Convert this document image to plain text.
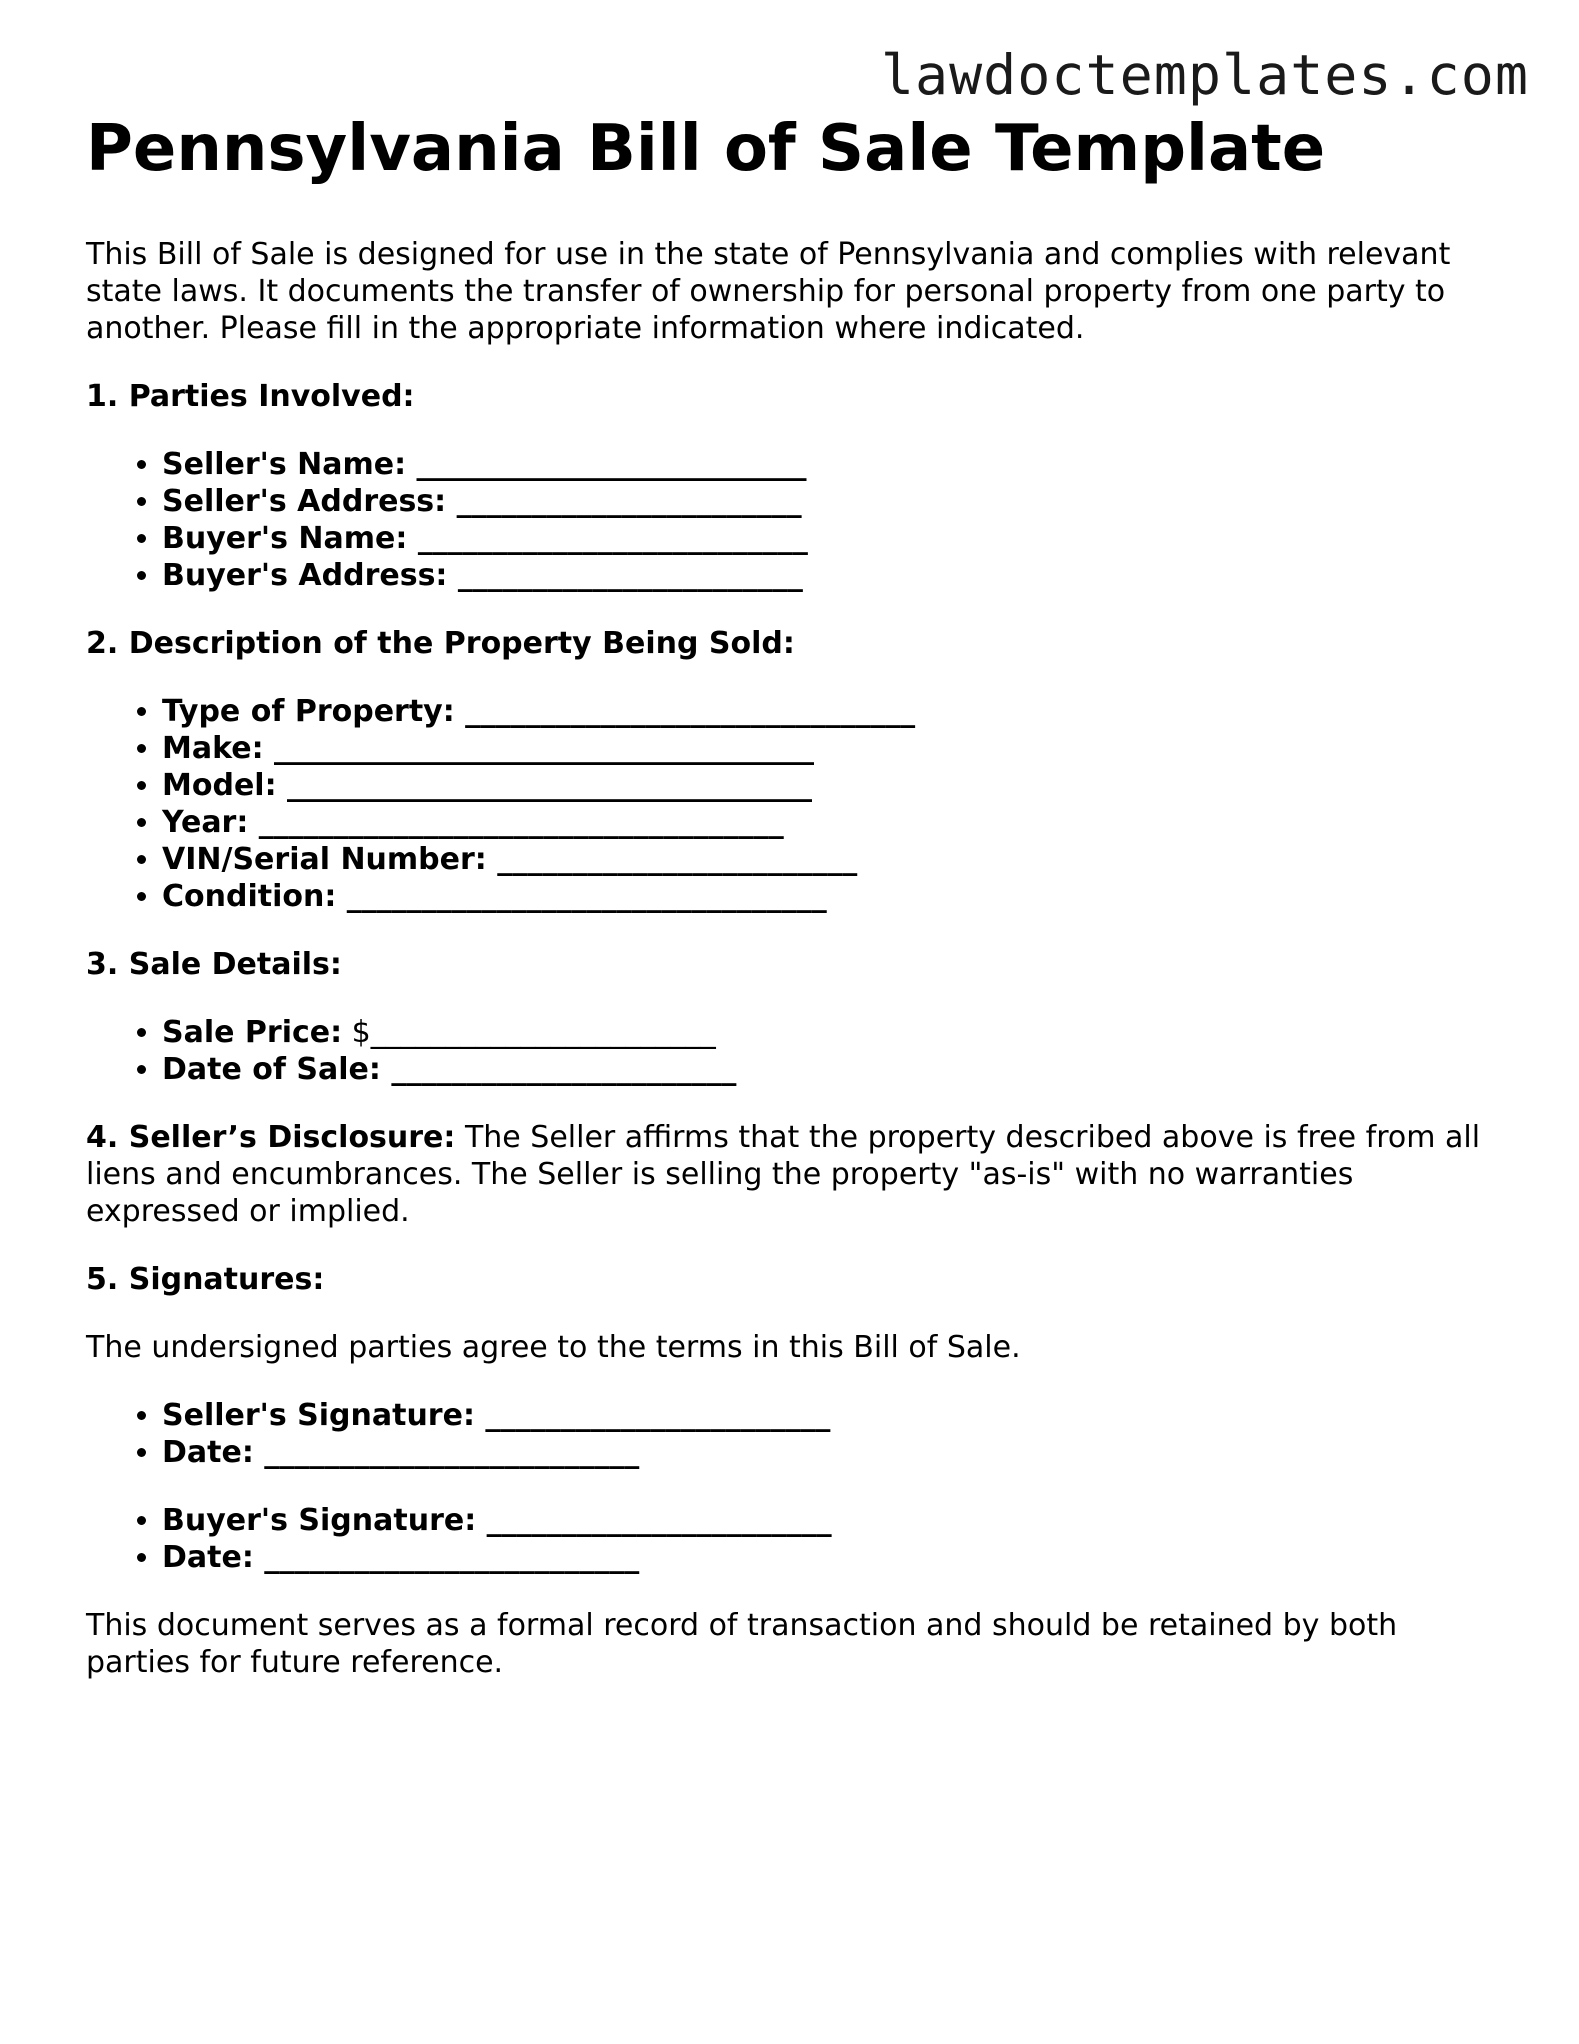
lawdoctemplates.com
Pennsylvania Bill of Sale Template

This Bill of Sale is designed for use in the state of Pennsylvania and complies with relevant state laws. It documents the transfer of ownership for personal property from one party to another. Please fill in the appropriate information where indicated.

1. Parties Involved:

• Seller's Name: __________________________
• Seller's Address: _______________________
• Buyer's Name: __________________________
• Buyer's Address: _______________________

2. Description of the Property Being Sold:

• Type of Property: ______________________________
• Make: ____________________________________
• Model: ___________________________________
• Year: ___________________________________
• VIN/Serial Number: ________________________
• Condition: ________________________________

3. Sale Details:

• Sale Price: $_______________________
• Date of Sale: _______________________

4. Seller’s Disclosure: The Seller affirms that the property described above is free from all liens and encumbrances. The Seller is selling the property "as-is" with no warranties expressed or implied.

5. Signatures:

The undersigned parties agree to the terms in this Bill of Sale.

• Seller's Signature: _______________________
• Date: _________________________
• Buyer's Signature: _______________________
• Date: _________________________

This document serves as a formal record of transaction and should be retained by both parties for future reference.
